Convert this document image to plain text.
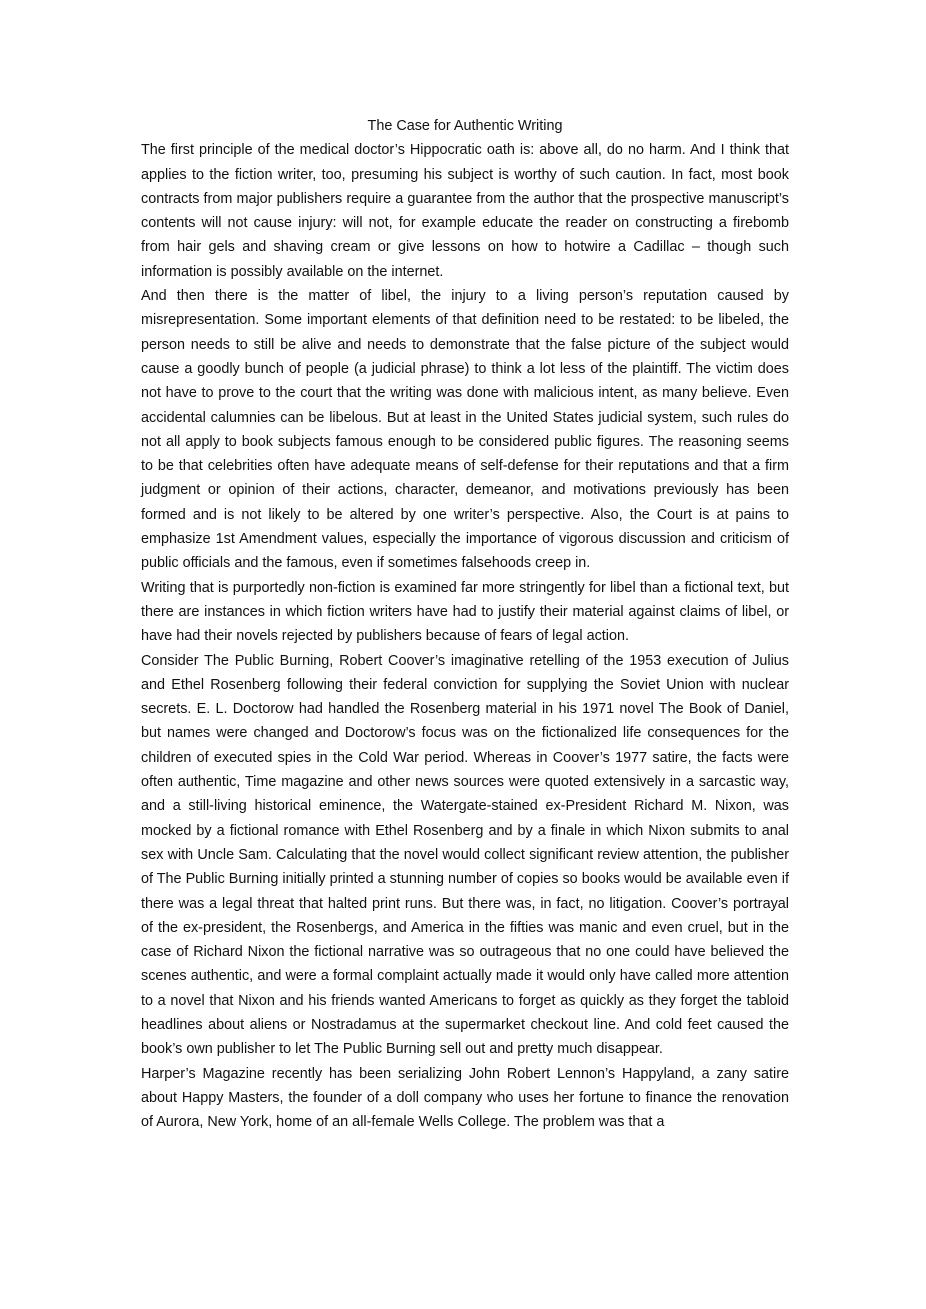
The Case for Authentic Writing

The first principle of the medical doctor’s Hippocratic oath is: above all, do no harm. And I think that applies to the fiction writer, too, presuming his subject is worthy of such caution. In fact, most book contracts from major publishers require a guarantee from the author that the prospective manuscript’s contents will not cause injury: will not, for example educate the reader on constructing a firebomb from hair gels and shaving cream or give lessons on how to hotwire a Cadillac – though such information is possibly available on the internet.

And then there is the matter of libel, the injury to a living person’s reputation caused by misrepresentation. Some important elements of that definition need to be restated: to be libeled, the person needs to still be alive and needs to demonstrate that the false picture of the subject would cause a goodly bunch of people (a judicial phrase) to think a lot less of the plaintiff. The victim does not have to prove to the court that the writing was done with malicious intent, as many believe. Even accidental calumnies can be libelous. But at least in the United States judicial system, such rules do not all apply to book subjects famous enough to be considered public figures. The reasoning seems to be that celebrities often have adequate means of self-defense for their reputations and that a firm judgment or opinion of their actions, character, demeanor, and motivations previously has been formed and is not likely to be altered by one writer’s perspective. Also, the Court is at pains to emphasize 1st Amendment values, especially the importance of vigorous discussion and criticism of public officials and the famous, even if sometimes falsehoods creep in.

Writing that is purportedly non-fiction is examined far more stringently for libel than a fictional text, but there are instances in which fiction writers have had to justify their material against claims of libel, or have had their novels rejected by publishers because of fears of legal action.

Consider The Public Burning, Robert Coover’s imaginative retelling of the 1953 execution of Julius and Ethel Rosenberg following their federal conviction for supplying the Soviet Union with nuclear secrets. E. L. Doctorow had handled the Rosenberg material in his 1971 novel The Book of Daniel, but names were changed and Doctorow’s focus was on the fictionalized life consequences for the children of executed spies in the Cold War period. Whereas in Coover’s 1977 satire, the facts were often authentic, Time magazine and other news sources were quoted extensively in a sarcastic way, and a still-living historical eminence, the Watergate-stained ex-President Richard M. Nixon, was mocked by a fictional romance with Ethel Rosenberg and by a finale in which Nixon submits to anal sex with Uncle Sam. Calculating that the novel would collect significant review attention, the publisher of The Public Burning initially printed a stunning number of copies so books would be available even if there was a legal threat that halted print runs. But there was, in fact, no litigation. Coover’s portrayal of the ex-president, the Rosenbergs, and America in the fifties was manic and even cruel, but in the case of Richard Nixon the fictional narrative was so outrageous that no one could have believed the scenes authentic, and were a formal complaint actually made it would only have called more attention to a novel that Nixon and his friends wanted Americans to forget as quickly as they forget the tabloid headlines about aliens or Nostradamus at the supermarket checkout line. And cold feet caused the book’s own publisher to let The Public Burning sell out and pretty much disappear.

Harper’s Magazine recently has been serializing John Robert Lennon’s Happyland, a zany satire about Happy Masters, the founder of a doll company who uses her fortune to finance the renovation of Aurora, New York, home of an all-female Wells College. The problem was that a
